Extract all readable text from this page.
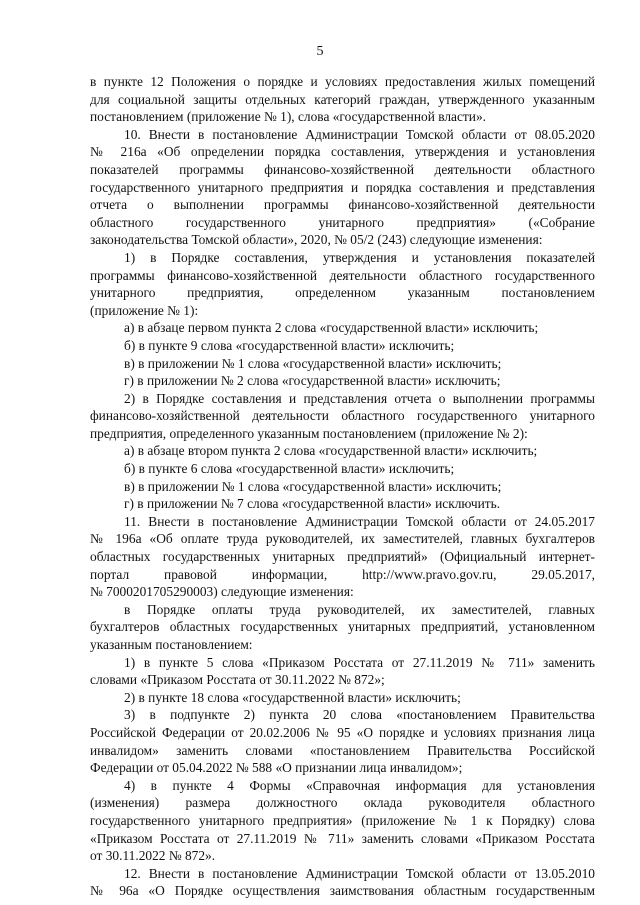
5
в пункте 12 Положения о порядке и условиях предоставления жилых помещений
для социальной защиты отдельных категорий граждан, утвержденного указанным
постановлением (приложение № 1), слова «государственной власти».
10. Внести в постановление Администрации Томской области от 08.05.2020
№ 216а «Об определении порядка составления, утверждения и установления
показателей программы финансово-хозяйственной деятельности областного
государственного унитарного предприятия и порядка составления и представления
отчета о выполнении программы финансово-хозяйственной деятельности
областного государственного унитарного предприятия» («Собрание
законодательства Томской области», 2020, № 05/2 (243) следующие изменения:
1) в Порядке составления, утверждения и установления показателей
программы финансово-хозяйственной деятельности областного государственного
унитарного предприятия, определенном указанным постановлением
(приложение № 1):
а) в абзаце первом пункта 2 слова «государственной власти» исключить;
б) в пункте 9 слова «государственной власти» исключить;
в) в приложении № 1 слова «государственной власти» исключить;
г) в приложении № 2 слова «государственной власти» исключить;
2) в Порядке составления и представления отчета о выполнении программы
финансово-хозяйственной деятельности областного государственного унитарного
предприятия, определенного указанным постановлением (приложение № 2):
а) в абзаце втором пункта 2 слова «государственной власти» исключить;
б) в пункте 6 слова «государственной власти» исключить;
в) в приложении № 1 слова «государственной власти» исключить;
г) в приложении № 7 слова «государственной власти» исключить.
11. Внести в постановление Администрации Томской области от 24.05.2017
№ 196а «Об оплате труда руководителей, их заместителей, главных бухгалтеров
областных государственных унитарных предприятий» (Официальный интернет-
портал правовой информации, http://www.pravo.gov.ru, 29.05.2017,
№ 7000201705290003) следующие изменения:
в Порядке оплаты труда руководителей, их заместителей, главных
бухгалтеров областных государственных унитарных предприятий, установленном
указанным постановлением:
1) в пункте 5 слова «Приказом Росстата от 27.11.2019 № 711» заменить
словами «Приказом Росстата от 30.11.2022 № 872»;
2) в пункте 18 слова «государственной власти» исключить;
3) в подпункте 2) пункта 20 слова «постановлением Правительства
Российской Федерации от 20.02.2006 № 95 «О порядке и условиях признания лица
инвалидом» заменить словами «постановлением Правительства Российской
Федерации от 05.04.2022 № 588 «О признании лица инвалидом»;
4) в пункте 4 Формы «Справочная информация для установления
(изменения) размера должностного оклада руководителя областного
государственного унитарного предприятия» (приложение № 1 к Порядку) слова
«Приказом Росстата от 27.11.2019 № 711» заменить словами «Приказом Росстата
от 30.11.2022 № 872».
12. Внести в постановление Администрации Томской области от 13.05.2010
№ 96а «О Порядке осуществления заимствования областным государственным
